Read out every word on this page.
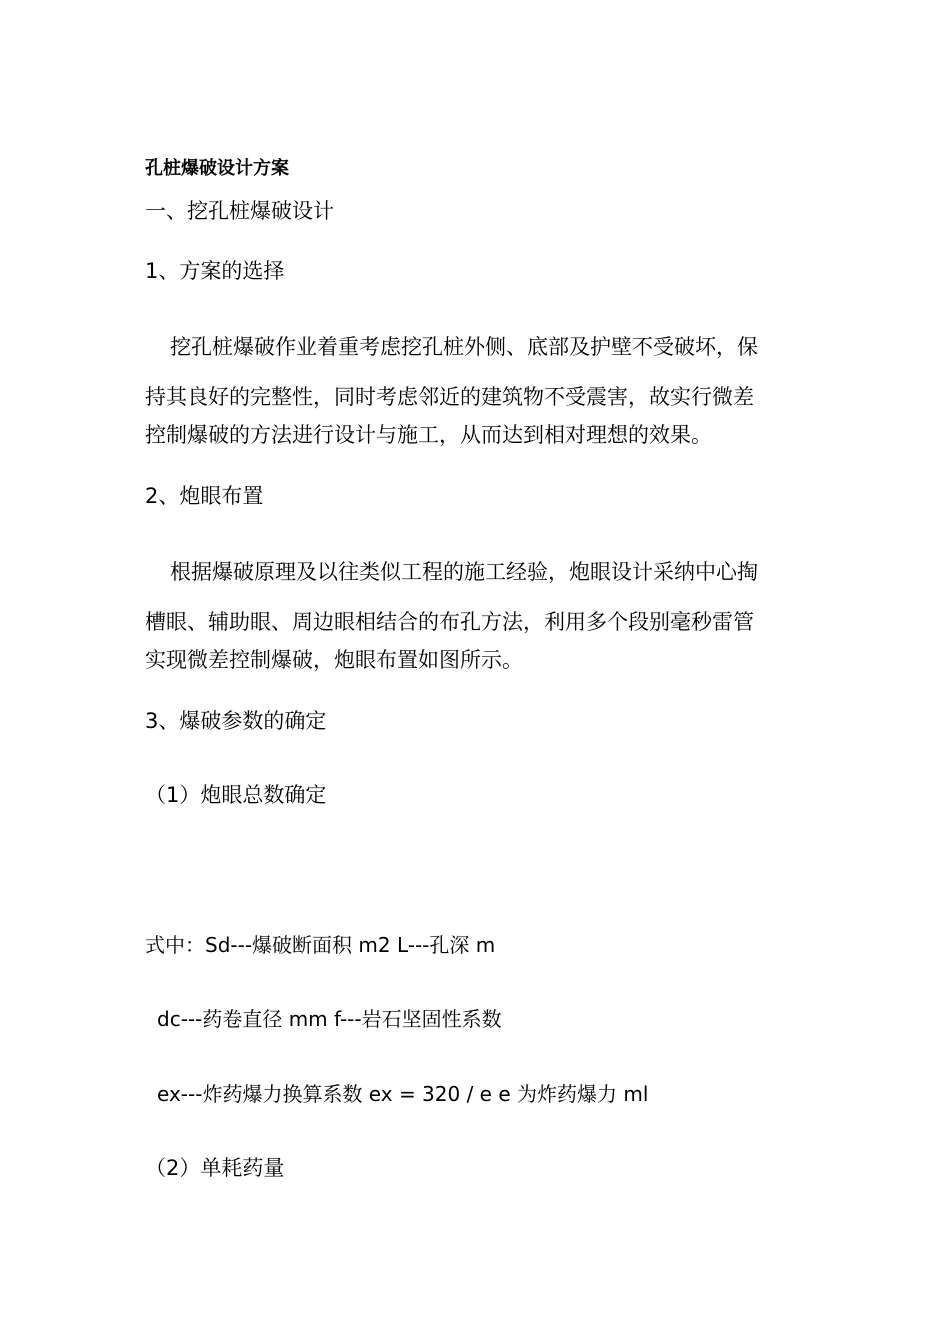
孔桩爆破设计方案
一、挖孔桩爆破设计
1、方案的选择
挖孔桩爆破作业着重考虑挖孔桩外侧、底部及护壁不受破坏，保
持其良好的完整性，同时考虑邻近的建筑物不受震害，故实行微差
控制爆破的方法进行设计与施工，从而达到相对理想的效果。
2、炮眼布置
根据爆破原理及以往类似工程的施工经验，炮眼设计采纳中心掏
槽眼、辅助眼、周边眼相结合的布孔方法，利用多个段别毫秒雷管
实现微差控制爆破，炮眼布置如图所示。
3、爆破参数的确定
（1）炮眼总数确定
式中：Sd---爆破断面积 m2 L---孔深 m
dc---药卷直径 mm f---岩石坚固性系数
ex---炸药爆力换算系数 ex = 320 / e e 为炸药爆力 ml
（2）单耗药量
